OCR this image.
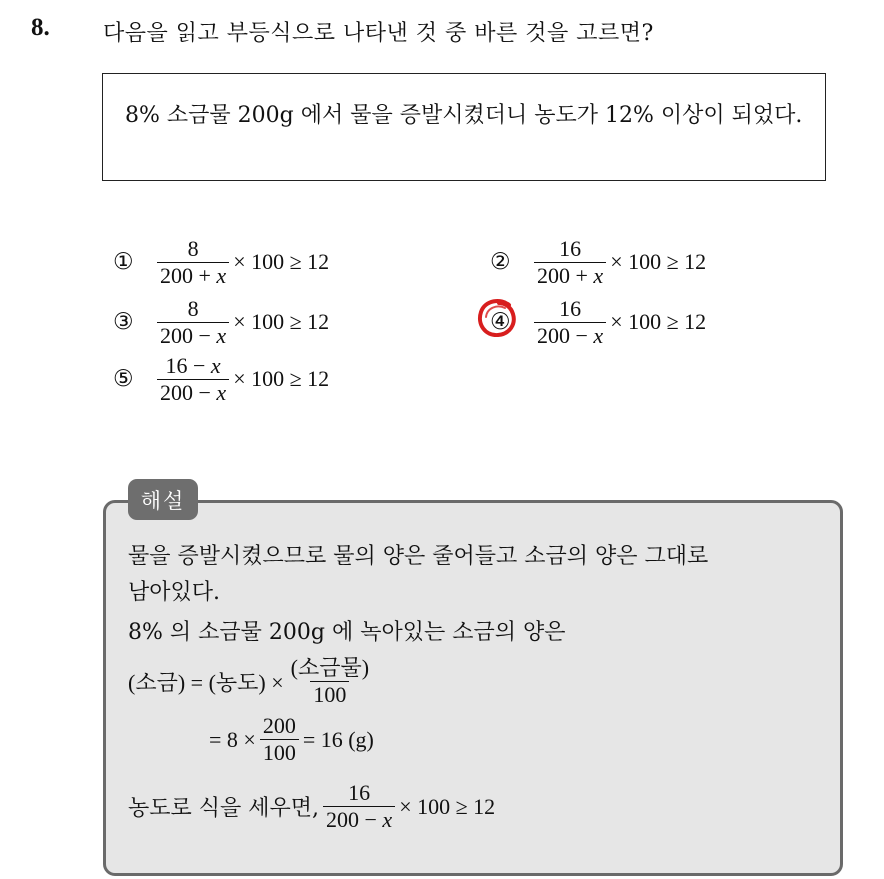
8. 다음을 읽고 부등식으로 나타낸 것 중 바른 것을 고르면?
8% 소금물 200g 에서 물을 증발시켰더니 농도가 12% 이상이 되었다.
①	$\frac{8}{200 + x} \times 100 \ge 12$	②	$\frac{16}{200 + x} \times 100 \ge 12$
③	$\frac{8}{200 - x} \times 100 \ge 12$	④	$\frac{16}{200 - x} \times 100 \ge 12$
⑤	$\frac{16 - x}{200 - x} \times 100 \ge 12$
물을 증발시켰으므로 물의 양은 줄어들고 소금의 양은 그대로
남아있다.
8% 의 소금물 200g 에 녹아있는 소금의 양은
(소금) = (농도) × $\frac{\text{(소금물)}}{100}$
= $8 \times \frac{200}{100} = 16$ (g)
농도로 식을 세우면, $\frac{16}{200 - x} \times 100 \ge 12$
해설
